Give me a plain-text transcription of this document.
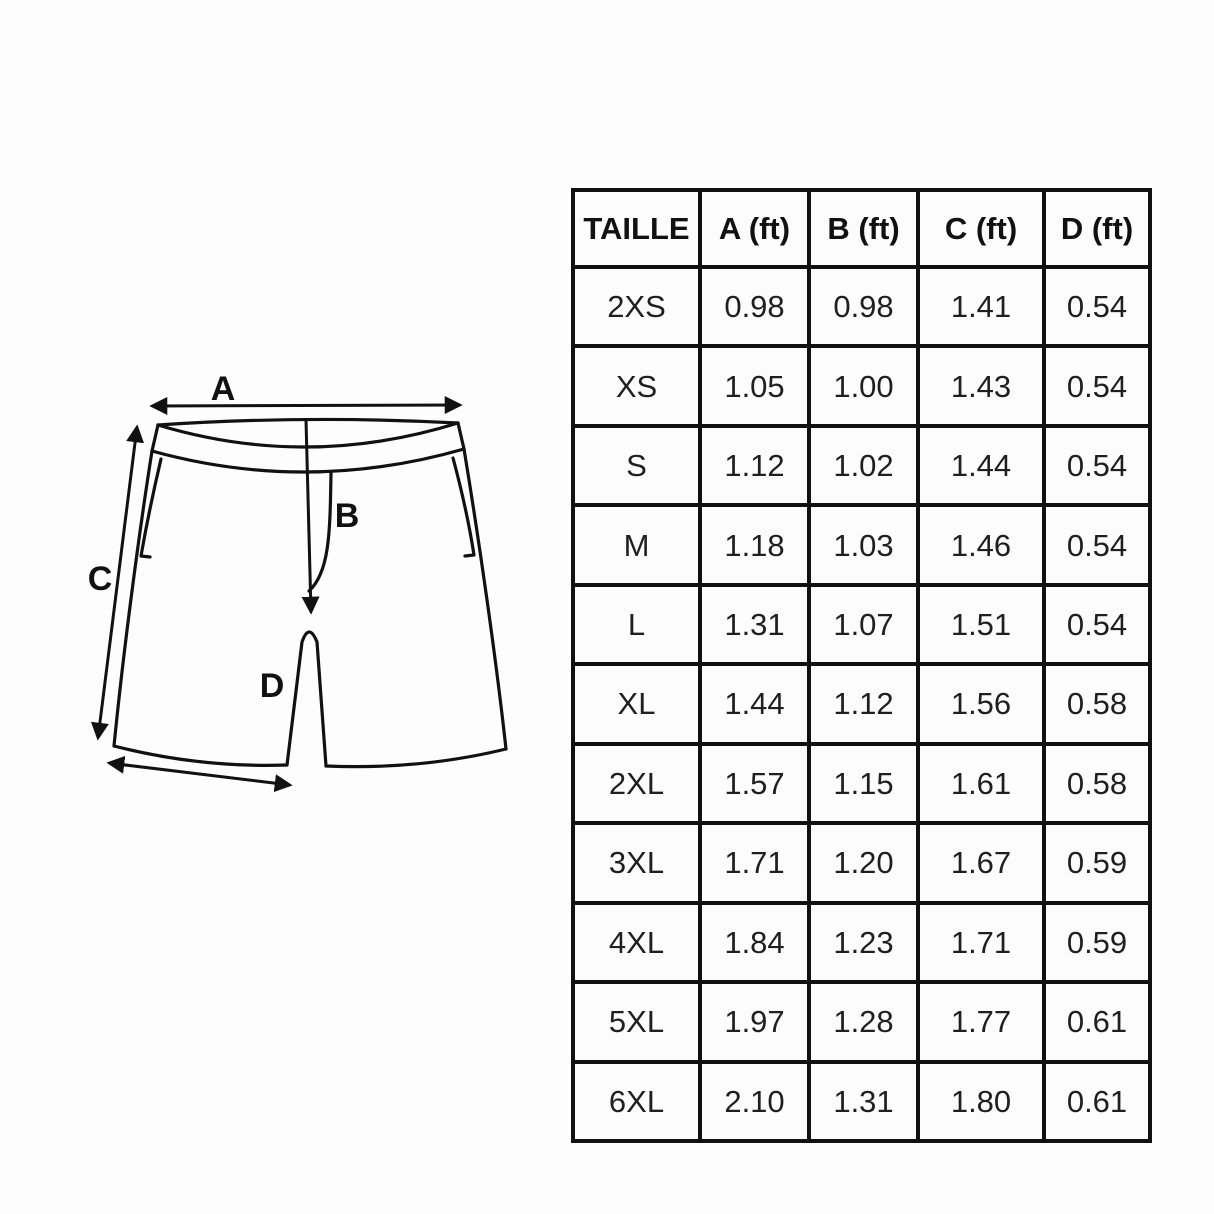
A
B
C
D
TAILLE	A (ft)	B (ft)	C (ft)	D (ft)
2XS	0.98	0.98	1.41	0.54
XS	1.05	1.00	1.43	0.54
S	1.12	1.02	1.44	0.54
M	1.18	1.03	1.46	0.54
L	1.31	1.07	1.51	0.54
XL	1.44	1.12	1.56	0.58
2XL	1.57	1.15	1.61	0.58
3XL	1.71	1.20	1.67	0.59
4XL	1.84	1.23	1.71	0.59
5XL	1.97	1.28	1.77	0.61
6XL	2.10	1.31	1.80	0.61
